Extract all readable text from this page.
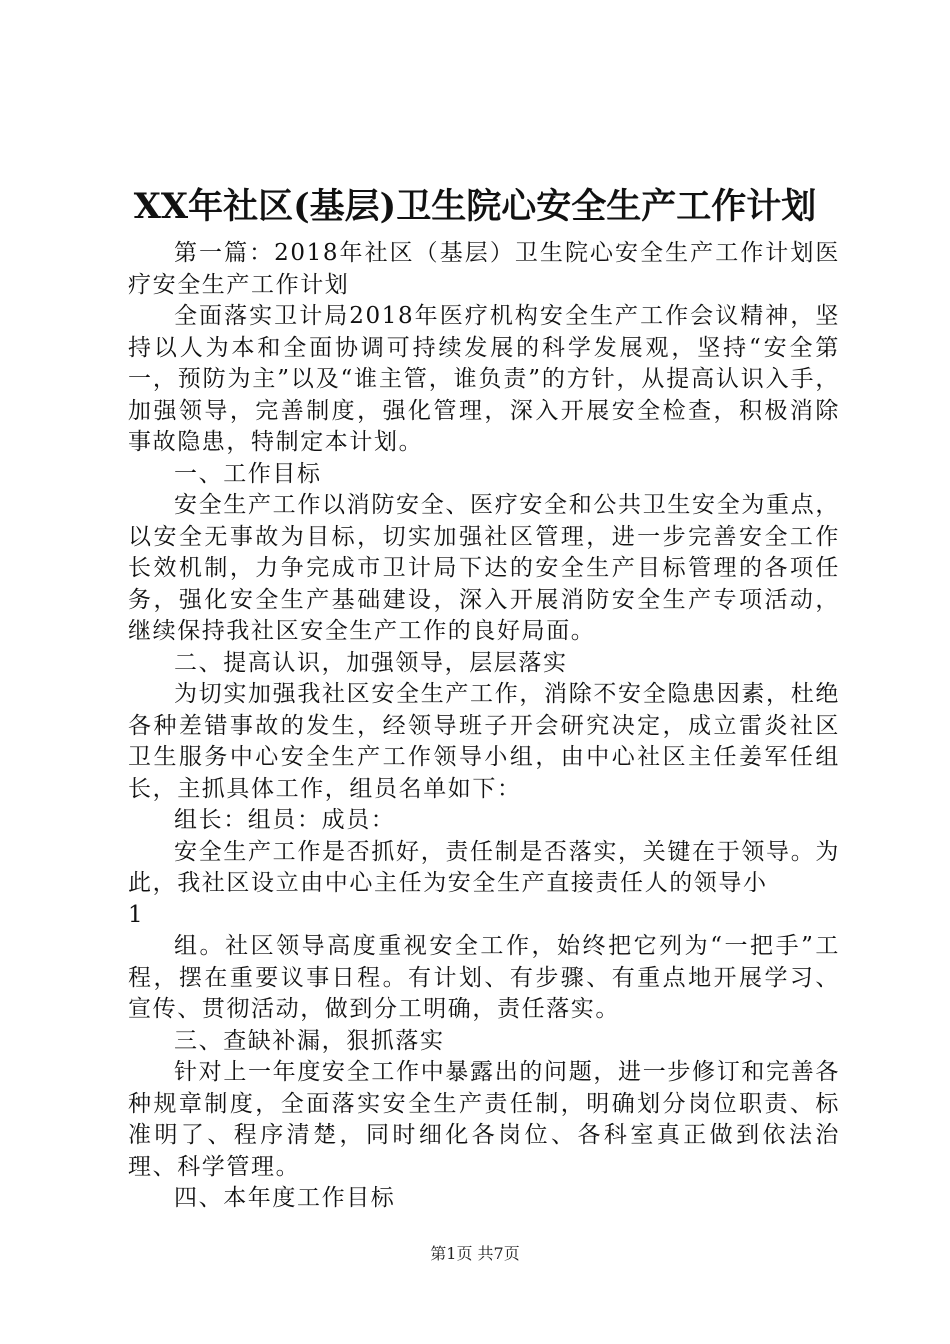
XX年社区(基层)卫生院心安全生产工作计划

第一篇：2018年社区（基层）卫生院心安全生产工作计划医疗安全生产工作计划

全面落实卫计局2018年医疗机构安全生产工作会议精神，坚持以人为本和全面协调可持续发展的科学发展观，坚持“安全第一，预防为主”以及“谁主管，谁负责”的方针，从提高认识入手，加强领导，完善制度，强化管理，深入开展安全检查，积极消除事故隐患，特制定本计划。

一、工作目标

安全生产工作以消防安全、医疗安全和公共卫生安全为重点，以安全无事故为目标，切实加强社区管理，进一步完善安全工作长效机制，力争完成市卫计局下达的安全生产目标管理的各项任务，强化安全生产基础建设，深入开展消防安全生产专项活动，继续保持我社区安全生产工作的良好局面。

二、提高认识，加强领导，层层落实

为切实加强我社区安全生产工作，消除不安全隐患因素，杜绝各种差错事故的发生，经领导班子开会研究决定，成立雷炎社区卫生服务中心安全生产工作领导小组，由中心社区主任姜军任组长，主抓具体工作，组员名单如下：

组长：组员：成员：

安全生产工作是否抓好，责任制是否落实，关键在于领导。为此，我社区设立由中心主任为安全生产直接责任人的领导小

1

组。社区领导高度重视安全工作，始终把它列为“一把手”工程，摆在重要议事日程。有计划、有步骤、有重点地开展学习、宣传、贯彻活动，做到分工明确，责任落实。

三、查缺补漏，狠抓落实

针对上一年度安全工作中暴露出的问题，进一步修订和完善各种规章制度，全面落实安全生产责任制，明确划分岗位职责、标准明了、程序清楚，同时细化各岗位、各科室真正做到依法治理、科学管理。

四、本年度工作目标

第1页 共7页
